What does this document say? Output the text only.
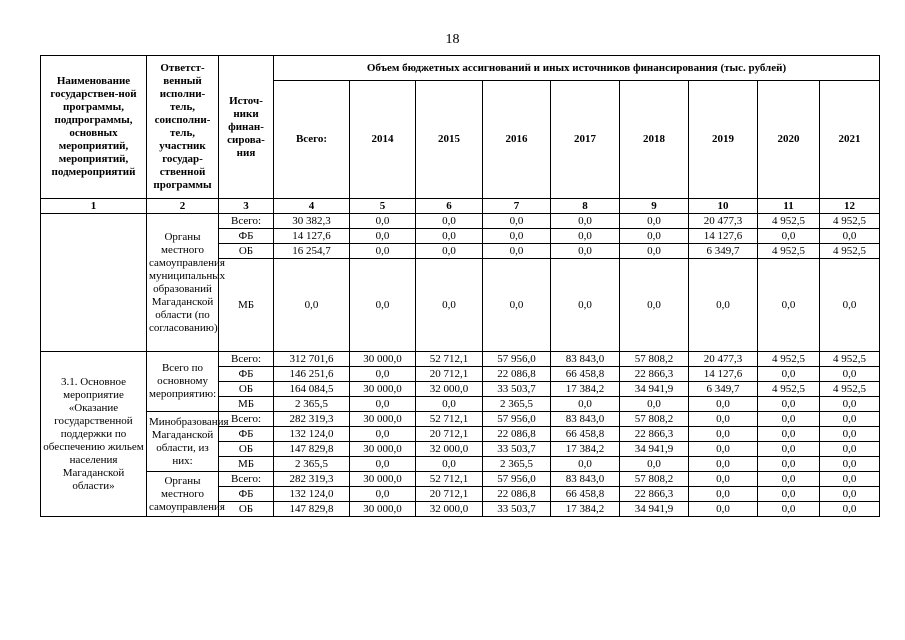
18
Наименование государствен-ной программы, подпрограммы, основных мероприятий, мероприятий, подмероприятий	Ответст-венный исполни-тель, соисполни-тель, участник государ-ственной программы	Источ-ники финан-сирова-ния	Объем бюджетных ассигнований и иных источников финансирования (тыс. рублей)								
			Всего:	2014	2015	2016	2017	2018	2019	2020	2021
1	2	3	4	5	6	7	8	9	10	11	12
	Органы местного самоуправления муниципальных образований Магаданской области (по согласованию)	Всего:	30 382,3	0,0	0,0	0,0	0,0	0,0	20 477,3	4 952,5	4 952,5
		ФБ	14 127,6	0,0	0,0	0,0	0,0	0,0	14 127,6	0,0	0,0
		ОБ	16 254,7	0,0	0,0	0,0	0,0	0,0	6 349,7	4 952,5	4 952,5
		МБ	0,0	0,0	0,0	0,0	0,0	0,0	0,0	0,0	0,0
3.1. Основное мероприятие «Оказание государственной поддержки по обеспечению жильем населения Магаданской области»	Всего по основному мероприятию:	Всего:	312 701,6	30 000,0	52 712,1	57 956,0	83 843,0	57 808,2	20 477,3	4 952,5	4 952,5
		ФБ	146 251,6	0,0	20 712,1	22 086,8	66 458,8	22 866,3	14 127,6	0,0	0,0
		ОБ	164 084,5	30 000,0	32 000,0	33 503,7	17 384,2	34 941,9	6 349,7	4 952,5	4 952,5
		МБ	2 365,5	0,0	0,0	2 365,5	0,0	0,0	0,0	0,0	0,0
	Минобразования Магаданской области, из них:	Всего:	282 319,3	30 000,0	52 712,1	57 956,0	83 843,0	57 808,2	0,0	0,0	0,0
		ФБ	132 124,0	0,0	20 712,1	22 086,8	66 458,8	22 866,3	0,0	0,0	0,0
		ОБ	147 829,8	30 000,0	32 000,0	33 503,7	17 384,2	34 941,9	0,0	0,0	0,0
		МБ	2 365,5	0,0	0,0	2 365,5	0,0	0,0	0,0	0,0	0,0
	Органы местного самоуправления	Всего:	282 319,3	30 000,0	52 712,1	57 956,0	83 843,0	57 808,2	0,0	0,0	0,0
		ФБ	132 124,0	0,0	20 712,1	22 086,8	66 458,8	22 866,3	0,0	0,0	0,0
		ОБ	147 829,8	30 000,0	32 000,0	33 503,7	17 384,2	34 941,9	0,0	0,0	0,0
